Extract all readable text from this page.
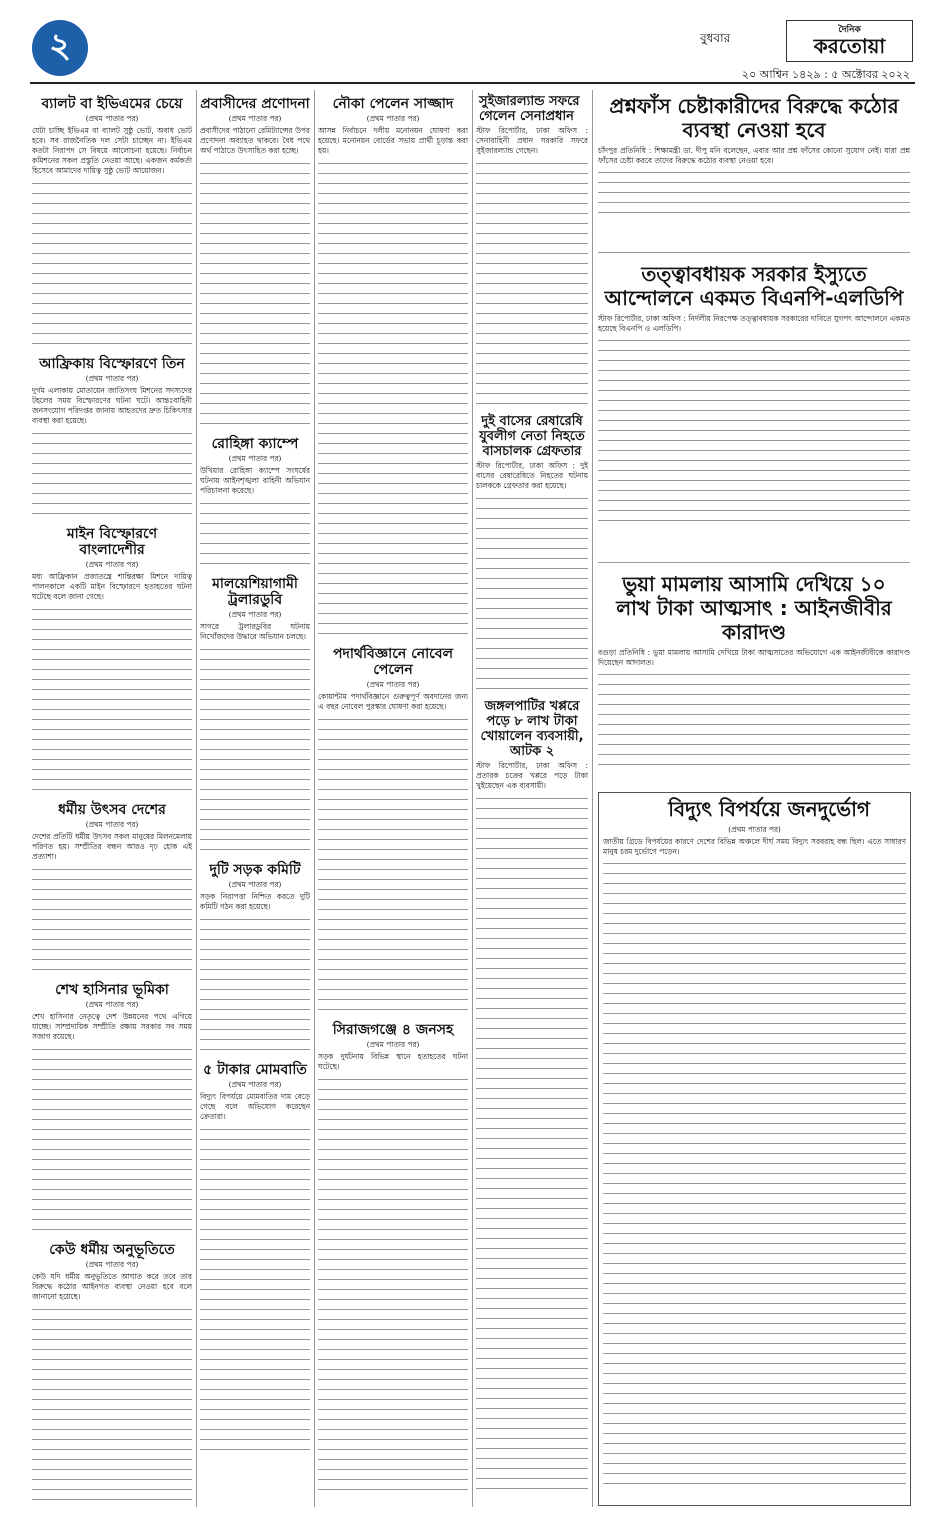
২	বুধবার
দৈনিক
করতোয়া
২০ আশ্বিন ১৪২৯ : ৫ অক্টোবর ২০২২
ব্যালট বা ইভিএমের চেয়ে
(প্রথম পাতার পর)

যেটা চাচ্ছি ইভিএম বা ব্যালট সুষ্ঠু ভোট, অবাধ ভোট হবে। সব রাজনৈতিক দল সেটা চাচ্ছেন না। ইভিএম কতটা নিরাপদ সে বিষয়ে আলোচনা হয়েছে। নির্বাচন কমিশনের সকল প্রস্তুতি নেওয়া আছে। একজন কর্মকর্তা হিসেবে আমাদের দায়িত্ব সুষ্ঠু ভোট আয়োজন।

আফ্রিকায় বিস্ফোরণে তিন
(প্রথম পাতার পর)

দুর্গম এলাকায় মোতায়েন জাতিসংঘ মিশনের সদস্যদের টহলের সময় বিস্ফোরণের ঘটনা ঘটে। আন্তঃবাহিনী জনসংযোগ পরিদপ্তর জানায় আহতদের দ্রুত চিকিৎসার ব্যবস্থা করা হয়েছে।

মাইন বিস্ফোরণে বাংলাদেশীর
(প্রথম পাতার পর)

মধ্য আফ্রিকান প্রজাতন্ত্রে শান্তিরক্ষা মিশনে দায়িত্ব পালনকালে একটি মাইন বিস্ফোরণে হতাহতের ঘটনা ঘটেছে বলে জানা গেছে।

ধর্মীয় উৎসব দেশের
(প্রথম পাতার পর)

দেশের প্রতিটি ধর্মীয় উৎসব সকল মানুষের মিলনমেলায় পরিণত হয়। সম্প্রীতির বন্ধন আরও দৃঢ় হোক এই প্রত্যাশা।

শেখ হাসিনার ভূমিকা
(প্রথম পাতার পর)

শেখ হাসিনার নেতৃত্বে দেশ উন্নয়নের পথে এগিয়ে যাচ্ছে। সাম্প্রদায়িক সম্প্রীতি রক্ষায় সরকার সব সময় সজাগ রয়েছে।

কেউ ধর্মীয় অনুভূতিতে
(প্রথম পাতার পর)

কেউ যদি ধর্মীয় অনুভূতিতে আঘাত করে তবে তার বিরুদ্ধে কঠোর আইনগত ব্যবস্থা নেওয়া হবে বলে জানানো হয়েছে।

প্রবাসীদের প্রণোদনা
(প্রথম পাতার পর)

প্রবাসীদের পাঠানো রেমিট্যান্সের উপর প্রণোদনা অব্যাহত থাকবে। বৈধ পথে অর্থ পাঠাতে উৎসাহিত করা হচ্ছে।

রোহিঙ্গা ক্যাম্পে
(প্রথম পাতার পর)

উখিয়ার রোহিঙ্গা ক্যাম্পে সংঘর্ষের ঘটনায় আইনশৃঙ্খলা বাহিনী অভিযান পরিচালনা করেছে।

মালয়েশিয়াগামী ট্রলারডুবি
(প্রথম পাতার পর)

সাগরে ট্রলারডুবির ঘটনায় নিখোঁজদের উদ্ধারে অভিযান চলছে।

দুটি সড়ক কমিটি
(প্রথম পাতার পর)

সড়ক নিরাপত্তা নিশ্চিত করতে দুটি কমিটি গঠন করা হয়েছে।

৫ টাকার মোমবাতি
(প্রথম পাতার পর)

বিদ্যুৎ বিপর্যয়ে মোমবাতির দাম বেড়ে গেছে বলে অভিযোগ করেছেন ক্রেতারা।

নৌকা পেলেন সাজ্জাদ
(প্রথম পাতার পর)

আসন্ন নির্বাচনে দলীয় মনোনয়ন ঘোষণা করা হয়েছে। মনোনয়ন বোর্ডের সভায় প্রার্থী চূড়ান্ত করা হয়।

পদার্থবিজ্ঞানে নোবেল পেলেন
(প্রথম পাতার পর)

কোয়ান্টাম পদার্থবিজ্ঞানে গুরুত্বপূর্ণ অবদানের জন্য এ বছর নোবেল পুরস্কার ঘোষণা করা হয়েছে।

সিরাজগঞ্জে ৪ জনসহ
(প্রথম পাতার পর)

সড়ক দুর্ঘটনায় বিভিন্ন স্থানে হতাহতের ঘটনা ঘটেছে।

সুইজারল্যান্ড সফরে গেলেন সেনাপ্রধান

স্টাফ রিপোর্টার, ঢাকা অফিস : সেনাবাহিনী প্রধান সরকারি সফরে সুইজারল্যান্ড গেছেন।

দুই বাসের রেষারেষি যুবলীগ নেতা নিহতে বাসচালক গ্রেফতার

স্টাফ রিপোর্টার, ঢাকা অফিস : দুই বাসের রেষারেষিতে নিহতের ঘটনায় চালককে গ্রেফতার করা হয়েছে।

জঙ্গলপাটির খপ্পরে পড়ে ৮ লাখ টাকা খোয়ালেন ব্যবসায়ী, আটক ২

স্টাফ রিপোর্টার, ঢাকা অফিস : প্রতারক চক্রের খপ্পরে পড়ে টাকা খুইয়েছেন এক ব্যবসায়ী।

প্রশ্নফাঁস চেষ্টাকারীদের বিরুদ্ধে কঠোর ব্যবস্থা নেওয়া হবে

চাঁদপুর প্রতিনিধি : শিক্ষামন্ত্রী ডা. দীপু মনি বলেছেন, এবার আর প্রশ্ন ফাঁসের কোনো সুযোগ নেই। যারা প্রশ্ন ফাঁসের চেষ্টা করবে তাদের বিরুদ্ধে কঠোর ব্যবস্থা নেওয়া হবে।

তত্ত্বাবধায়ক সরকার ইস্যুতে আন্দোলনে একমত বিএনপি-এলডিপি

স্টাফ রিপোর্টার, ঢাকা অফিস : নির্দলীয় নিরপেক্ষ তত্ত্বাবধায়ক সরকারের দাবিতে যুগপৎ আন্দোলনে একমত হয়েছে বিএনপি ও এলডিপি।

ভুয়া মামলায় আসামি দেখিয়ে ১০ লাখ টাকা আত্মসাৎ : আইনজীবীর কারাদণ্ড

বগুড়া প্রতিনিধি : ভুয়া মামলায় আসামি দেখিয়ে টাকা আত্মসাতের অভিযোগে এক আইনজীবীকে কারাদণ্ড দিয়েছেন আদালত।

বিদ্যুৎ বিপর্যয়ে জনদুর্ভোগ
(প্রথম পাতার পর)

জাতীয় গ্রিডে বিপর্যয়ের কারণে দেশের বিভিন্ন অঞ্চলে দীর্ঘ সময় বিদ্যুৎ সরবরাহ বন্ধ ছিল। এতে সাধারণ মানুষ চরম দুর্ভোগে পড়েন।
